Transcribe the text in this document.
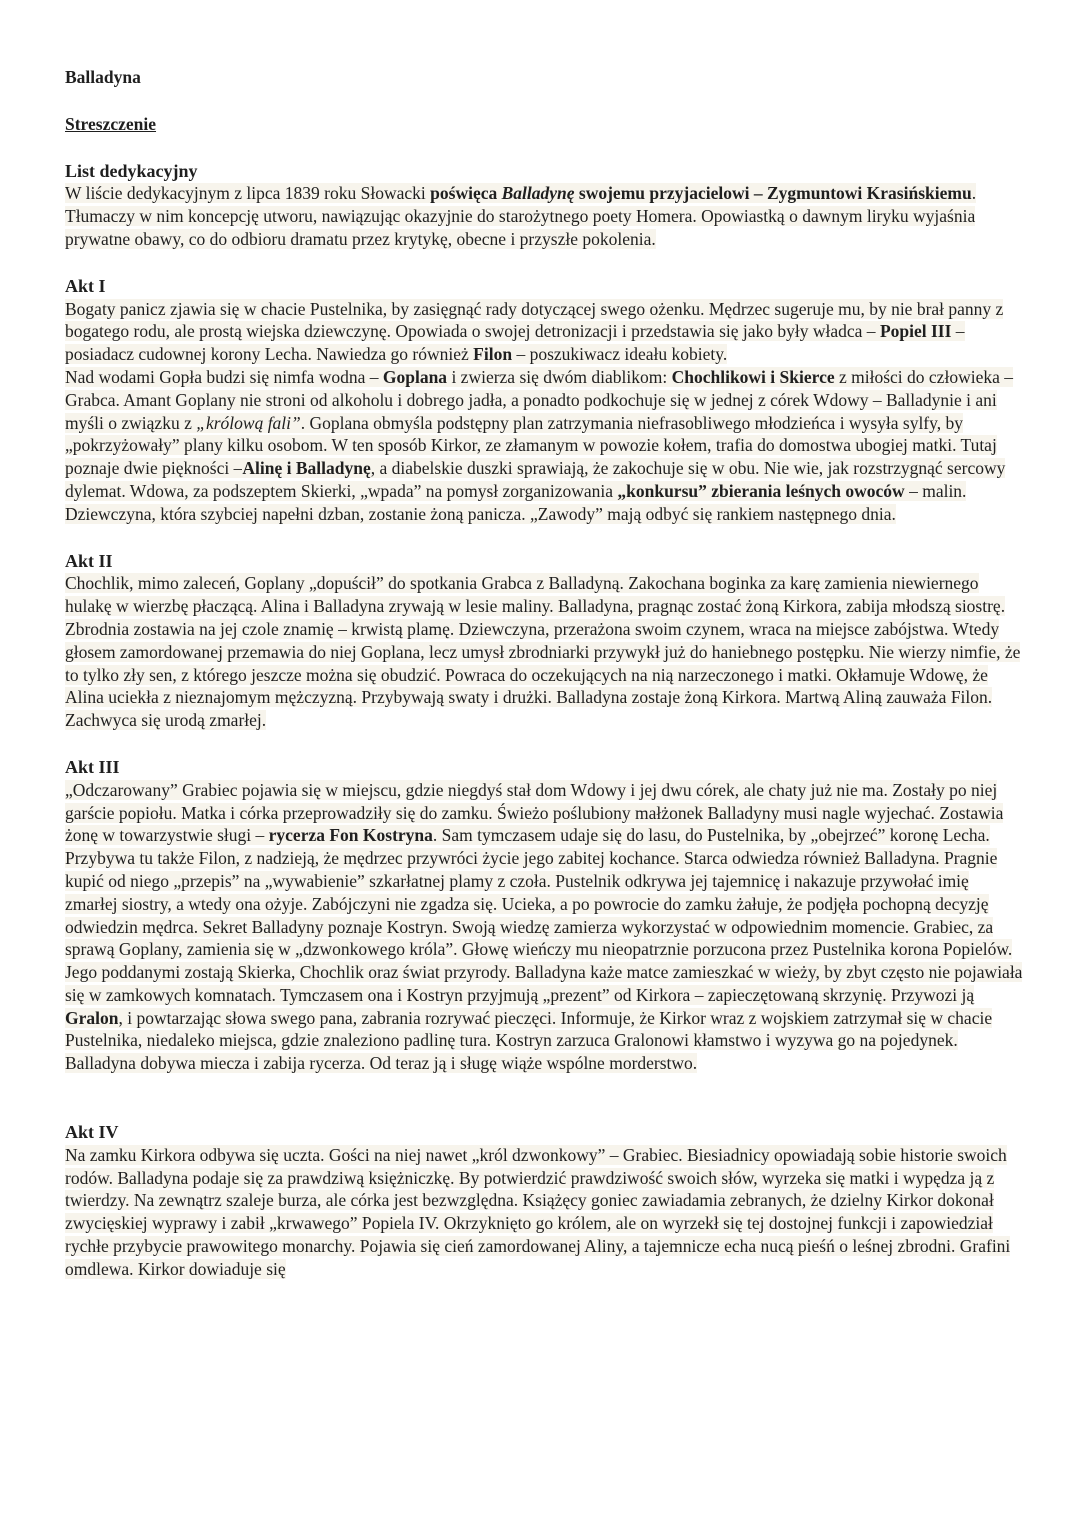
Balladyna
Streszczenie
List dedykacyjny

W liście dedykacyjnym z lipca 1839 roku Słowacki poświęca Balladynę swojemu przyjacielowi – Zygmuntowi Krasińskiemu. Tłumaczy w nim koncepcję utworu, nawiązując okazyjnie do starożytnego poety Homera. Opowiastką o dawnym liryku wyjaśnia prywatne obawy, co do odbioru dramatu przez krytykę, obecne i przyszłe pokolenia.

Akt I

Bogaty panicz zjawia się w chacie Pustelnika, by zasięgnąć rady dotyczącej swego ożenku. Mędrzec sugeruje mu, by nie brał panny z bogatego rodu, ale prostą wiejska dziewczynę. Opowiada o swojej detronizacji i przedstawia się jako były władca – Popiel III – posiadacz cudownej korony Lecha. Nawiedza go również Filon – poszukiwacz ideału kobiety.

Nad wodami Gopła budzi się nimfa wodna – Goplana i zwierza się dwóm diablikom: Chochlikowi i Skierce z miłości do człowieka – Grabca. Amant Goplany nie stroni od alkoholu i dobrego jadła, a ponadto podkochuje się w jednej z córek Wdowy – Balladynie i ani myśli o związku z „królową fali”. Goplana obmyśla podstępny plan zatrzymania niefrasobliwego młodzieńca i wysyła sylfy, by „pokrzyżowały” plany kilku osobom. W ten sposób Kirkor, ze złamanym w powozie kołem, trafia do domostwa ubogiej matki. Tutaj poznaje dwie piękności –Alinę i Balladynę, a diabelskie duszki sprawiają, że zakochuje się w obu. Nie wie, jak rozstrzygnąć sercowy dylemat. Wdowa, za podszeptem Skierki, „wpada” na pomysł zorganizowania „konkursu” zbierania leśnych owoców – malin. Dziewczyna, która szybciej napełni dzban, zostanie żoną panicza. „Zawody” mają odbyć się rankiem następnego dnia.

Akt II

Chochlik, mimo zaleceń, Goplany „dopuścił” do spotkania Grabca z Balladyną. Zakochana boginka za karę zamienia niewiernego hulakę w wierzbę płaczącą. Alina i Balladyna zrywają w lesie maliny. Balladyna, pragnąc zostać żoną Kirkora, zabija młodszą siostrę. Zbrodnia zostawia na jej czole znamię – krwistą plamę. Dziewczyna, przerażona swoim czynem, wraca na miejsce zabójstwa. Wtedy głosem zamordowanej przemawia do niej Goplana, lecz umysł zbrodniarki przywykł już do haniebnego postępku. Nie wierzy nimfie, że to tylko zły sen, z którego jeszcze można się obudzić. Powraca do oczekujących na nią narzeczonego i matki. Okłamuje Wdowę, że Alina uciekła z nieznajomym mężczyzną. Przybywają swaty i drużki. Balladyna zostaje żoną Kirkora. Martwą Aliną zauważa Filon. Zachwyca się urodą zmarłej.

Akt III

„Odczarowany” Grabiec pojawia się w miejscu, gdzie niegdyś stał dom Wdowy i jej dwu córek, ale chaty już nie ma. Zostały po niej garście popiołu. Matka i córka przeprowadziły się do zamku. Świeżo poślubiony małżonek Balladyny musi nagle wyjechać. Zostawia żonę w towarzystwie sługi – rycerza Fon Kostryna. Sam tymczasem udaje się do lasu, do Pustelnika, by „obejrzeć” koronę Lecha. Przybywa tu także Filon, z nadzieją, że mędrzec przywróci życie jego zabitej kochance. Starca odwiedza również Balladyna. Pragnie kupić od niego „przepis” na „wywabienie” szkarłatnej plamy z czoła. Pustelnik odkrywa jej tajemnicę i nakazuje przywołać imię zmarłej siostry, a wtedy ona ożyje. Zabójczyni nie zgadza się. Ucieka, a po powrocie do zamku żałuje, że podjęła pochopną decyzję odwiedzin mędrca. Sekret Balladyny poznaje Kostryn. Swoją wiedzę zamierza wykorzystać w odpowiednim momencie. Grabiec, za sprawą Goplany, zamienia się w „dzwonkowego króla”. Głowę wieńczy mu nieopatrznie porzucona przez Pustelnika korona Popielów. Jego poddanymi zostają Skierka, Chochlik oraz świat przyrody. Balladyna każe matce zamieszkać w wieży, by zbyt często nie pojawiała się w zamkowych komnatach. Tymczasem ona i Kostryn przyjmują „prezent” od Kirkora – zapieczętowaną skrzynię. Przywozi ją Gralon, i powtarzając słowa swego pana, zabrania rozrywać pieczęci. Informuje, że Kirkor wraz z wojskiem zatrzymał się w chacie Pustelnika, niedaleko miejsca, gdzie znaleziono padlinę tura. Kostryn zarzuca Gralonowi kłamstwo i wyzywa go na pojedynek. Balladyna dobywa miecza i zabija rycerza. Od teraz ją i sługę wiąże wspólne morderstwo.

Akt IV

Na zamku Kirkora odbywa się uczta. Gości na niej nawet „król dzwonkowy” – Grabiec. Biesiadnicy opowiadają sobie historie swoich rodów. Balladyna podaje się za prawdziwą księżniczkę. By potwierdzić prawdziwość swoich słów, wyrzeka się matki i wypędza ją z twierdzy. Na zewnątrz szaleje burza, ale córka jest bezwzględna. Książęcy goniec zawiadamia zebranych, że dzielny Kirkor dokonał zwycięskiej wyprawy i zabił „krwawego” Popiela IV. Okrzyknięto go królem, ale on wyrzekł się tej dostojnej funkcji i zapowiedział rychłe przybycie prawowitego monarchy. Pojawia się cień zamordowanej Aliny, a tajemnicze echa nucą pieśń o leśnej zbrodni. Grafini omdlewa. Kirkor dowiaduje się
